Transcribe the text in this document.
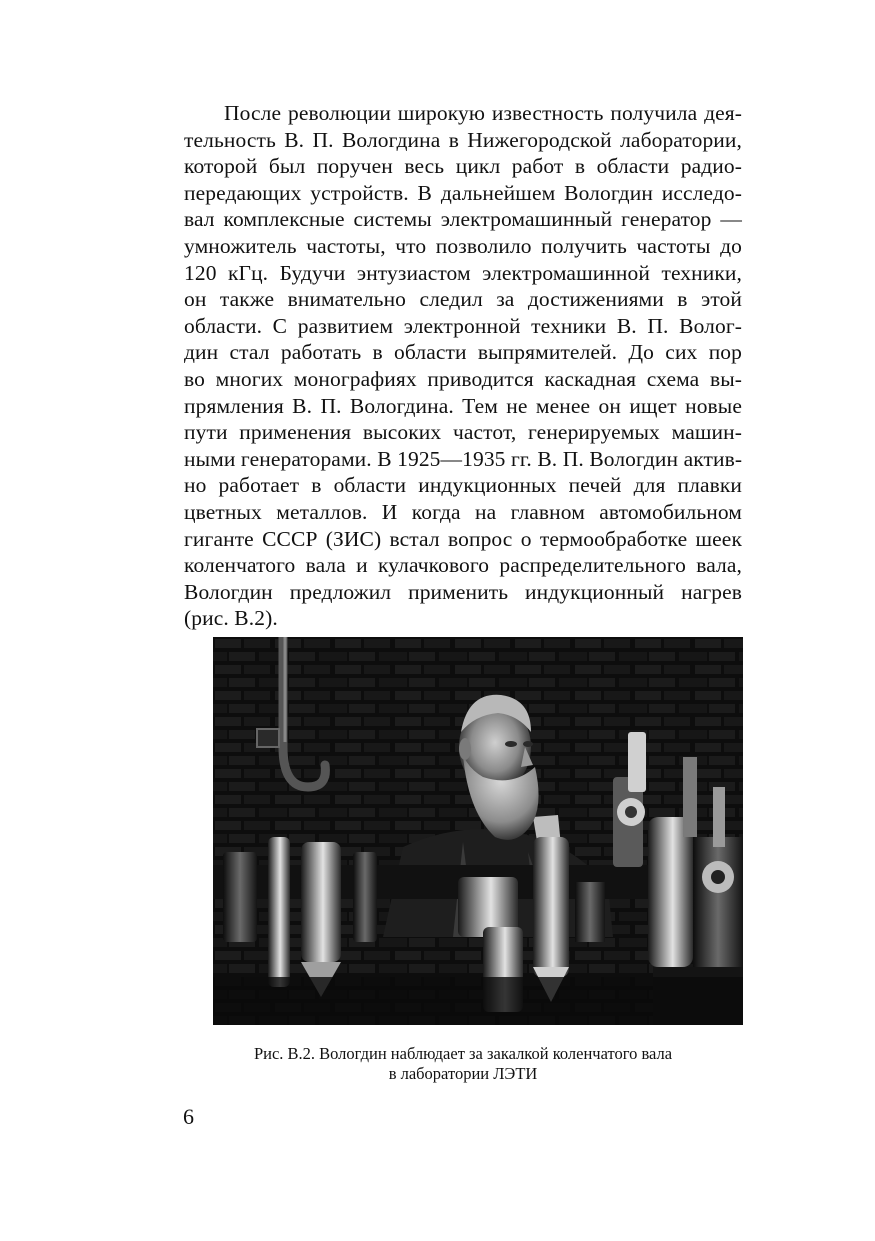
После революции широкую известность получила дея-
тельность В. П. Вологдина в Нижегородской лаборатории,
которой был поручен весь цикл работ в области радио-
передающих устройств. В дальнейшем Вологдин исследо-
вал комплексные системы электромашинный генератор —
умножитель частоты, что позволило получить частоты до
120 кГц. Будучи энтузиастом электромашинной техники,
он также внимательно следил за достижениями в этой
области. С развитием электронной техники В. П. Волог-
дин стал работать в области выпрямителей. До сих пор
во многих монографиях приводится каскадная схема вы-
прямления В. П. Вологдина. Тем не менее он ищет новые
пути применения высоких частот, генерируемых машин-
ными генераторами. В 1925—1935 гг. В. П. Вологдин актив-
но работает в области индукционных печей для плавки
цветных металлов. И когда на главном автомобильном
гиганте СССР (ЗИС) встал вопрос о термообработке шеек
коленчатого вала и кулачкового распределительного вала,
Вологдин предложил применить индукционный нагрев
(рис. В.2).

Рис. В.2. Вологдин наблюдает за закалкой коленчатого вала
в лаборатории ЛЭТИ

6
